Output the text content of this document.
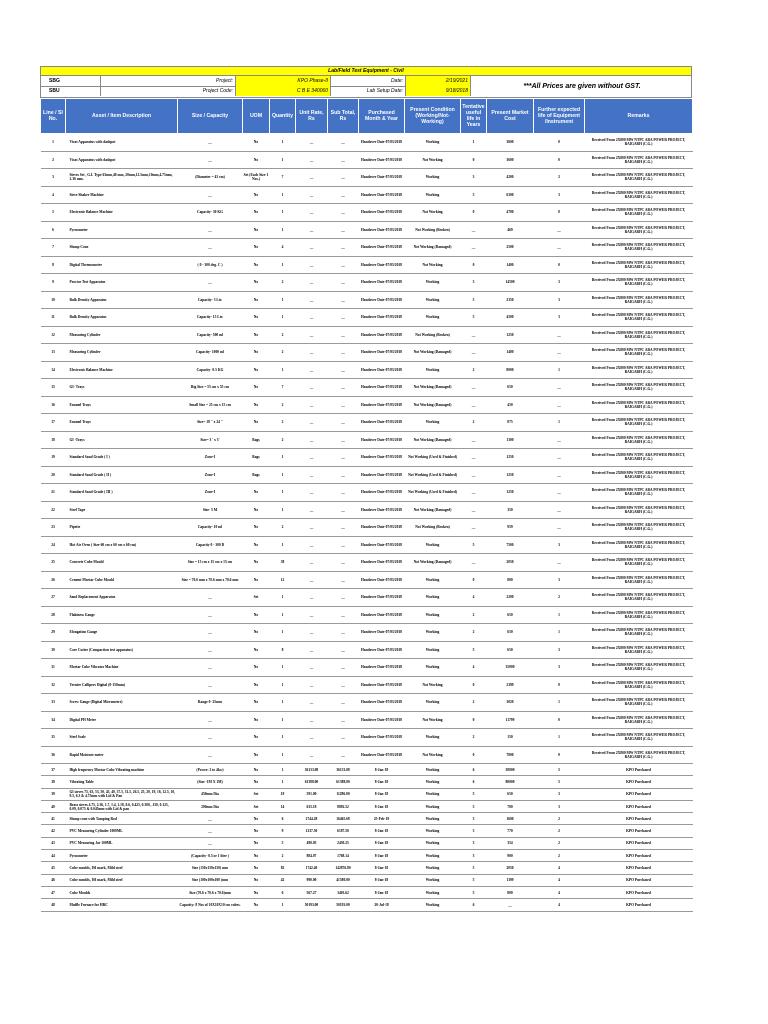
Lab/Field Test Equipment - Civil
SBG	Project:	KPO Phase-II	Date:	2/19/2021
SBU	Project Code:	C B E 340060	Lab Setup Date:	9/18/2018
***All Prices are given without GST.
Line / Sl No.	Asset / Item Description	Size / Capacity	UOM	Quantity	Unit Rate, Rs	Sub Total, Rs	Purchased Month & Year	Present Condition (Working/Not-Working)	Tentative useful life in Years	Present Market Cost	Further expected life of Equipment /Instrument	Remarks
1	Vicat Apparatus with dashpot	__	No	1	__	__	Handover Date-07/05/2018	Working	1	3600	0	Received From 2X800 MW NTPC ARA POWER PROJECT, RAIGARH (C.G.)
2	Vicat Apparatus with dashpot	__	No	1	__	__	Handover Date-07/05/2018	Not Working	0	3600	0	Received From 2X800 MW NTPC ARA POWER PROJECT, RAIGARH (C.G.)
3	Sieves Set , G.I. Type 63mm,40 mm, 20mm,12.5mm,10mm,4.75mm, 2.36 mm.	(Diameter = 45 cm)	Set (Each Size-1 Nos.)	7	__	__	Handover Date-07/05/2018	Working	3	4200	2	Received From 2X800 MW NTPC ARA POWER PROJECT, RAIGARH (C.G.)
4	Sieve Shaker Machine	__	No	1	__	__	Handover Date-07/05/2018	Working	5	6300	3	Received From 2X800 MW NTPC ARA POWER PROJECT, RAIGARH (C.G.)
5	Electronic Balance Machine	Capacity- 30 KG	No	1	__	__	Handover Date-07/05/2018	Not Working	0	4700	0	Received From 2X800 MW NTPC ARA POWER PROJECT, RAIGARH (C.G.)
6	Pycnometer	__	No	1	__	__	Handover Date-07/05/2018	Not Working (Broken)	__	469	__	Received From 2X800 MW NTPC ARA POWER PROJECT, RAIGARH (C.G.)
7	Slump Cone	__	No	4	__	__	Handover Date-07/05/2018	Not Working (Damaged)	__	2500	__	Received From 2X800 MW NTPC ARA POWER PROJECT, RAIGARH (C.G.)
8	Digital Thermometer	( 0 - 300 deg. C )	No	1	__	__	Handover Date-07/05/2018	Not Working	0	1400	0	Received From 2X800 MW NTPC ARA POWER PROJECT, RAIGARH (C.G.)
9	Proctor Test Apparatus	__	No	2	__	__	Handover Date-07/05/2018	Working	3	14500	3	Received From 2X800 MW NTPC ARA POWER PROJECT, RAIGARH (C.G.)
10	Bulk Density Apparatus	Capacity- 3 Ltr.	No	1	__	__	Handover Date-07/05/2018	Working	5	2350	3	Received From 2X800 MW NTPC ARA POWER PROJECT, RAIGARH (C.G.)
11	Bulk Density Apparatus	Capacity- 15 Ltr.	No	1	__	__	Handover Date-07/05/2018	Working	5	4500	3	Received From 2X800 MW NTPC ARA POWER PROJECT, RAIGARH (C.G.)
12	Measuring Cylinder	Capacity- 500 ml	No	2	__	__	Handover Date-07/05/2018	Not Working (Broken)	__	1250	__	Received From 2X800 MW NTPC ARA POWER PROJECT, RAIGARH (C.G.)
13	Measuring Cylinder	Capacity- 1000 ml	No	2	__	__	Handover Date-07/05/2018	Not Working (Damaged)	__	1400	__	Received From 2X800 MW NTPC ARA POWER PROJECT, RAIGARH (C.G.)
14	Electronic Balance Machine	Capacity- 0.5 KG	No	1	__	__	Handover Date-07/05/2018	Working	2	8000	1	Received From 2X800 MW NTPC ARA POWER PROJECT, RAIGARH (C.G.)
15	GI- Trays	Big Size = 55 cm x 55 cm	No	7	__	__	Handover Date-07/05/2018	Not Working (Damaged)	__	650	__	Received From 2X800 MW NTPC ARA POWER PROJECT, RAIGARH (C.G.)
16	Enamel Trays	Small Size = 25 cm x 15 cm	No	2	__	__	Handover Date-07/05/2018	Not Working (Damaged)	__	450	__	Received From 2X800 MW NTPC ARA POWER PROJECT, RAIGARH (C.G.)
17	Enamel Trays	Size= 18 " x 24 "	No	2	__	__	Handover Date-07/05/2018	Working	2	875	1	Received From 2X800 MW NTPC ARA POWER PROJECT, RAIGARH (C.G.)
18	GI -Trays	Size= 3 ' x 3'	Bags	2	__	__	Handover Date-07/05/2018	Not Working (Damaged)	__	1300	__	Received From 2X800 MW NTPC ARA POWER PROJECT, RAIGARH (C.G.)
19	Standard Sand Grade ( I )	Zone-I	Bags	1	__	__	Handover Date-07/05/2018	Not Working (Used & Finished)	__	1250	__	Received From 2X800 MW NTPC ARA POWER PROJECT, RAIGARH (C.G.)
20	Standard Sand Grade ( II )	Zone-I	Bags	1	__	__	Handover Date-07/05/2018	Not Working (Used & Finished)	__	1250	__	Received From 2X800 MW NTPC ARA POWER PROJECT, RAIGARH (C.G.)
21	Standard Sand Grade ( III )	Zone-I	No	1	__	__	Handover Date-07/05/2018	Not Working (Used & Finished)	__	1250	__	Received From 2X800 MW NTPC ARA POWER PROJECT, RAIGARH (C.G.)
22	Steel Tape	Size- 5 M	No	1	__	__	Handover Date-07/05/2018	Not Working (Damaged)	__	350	__	Received From 2X800 MW NTPC ARA POWER PROJECT, RAIGARH (C.G.)
23	Pipette	Capacity- 10 ml	No	2	__	__	Handover Date-07/05/2018	Not Working (Broken)	__	959	__	Received From 2X800 MW NTPC ARA POWER PROJECT, RAIGARH (C.G.)
24	Hot Air Oven ( Size-60 cm x 60 cm x 60 cm)	Capacity 0 - 300 D	No	1	__	__	Handover Date-07/05/2018	Working	5	7500	3	Received From 2X800 MW NTPC ARA POWER PROJECT, RAIGARH (C.G.)
25	Concrete Cube Mould	Size = 15 cm x 15 cm x 15 cm	No	38	__	__	Handover Date-07/05/2018	Not Working (Damaged)	__	2050	__	Received From 2X800 MW NTPC ARA POWER PROJECT, RAIGARH (C.G.)
26	Cement Mortar Cube Mould	Size = 70.6 mm x 70.6 mm x 70.6 mm	No	12	__	__	Handover Date-07/05/2018	Working	0	800	3	Received From 2X800 MW NTPC ARA POWER PROJECT, RAIGARH (C.G.)
27	Sand Replacement Apparatus	__	Set	1	__	__	Handover Date-07/05/2018	Working	4	2200	2	Received From 2X800 MW NTPC ARA POWER PROJECT, RAIGARH (C.G.)
28	Flakiness Gauge	__	No	1	__	__	Handover Date-07/05/2018	Working	2	650	1	Received From 2X800 MW NTPC ARA POWER PROJECT, RAIGARH (C.G.)
29	Elongation Gauge	__	No	1	__	__	Handover Date-07/05/2018	Working	2	650	1	Received From 2X800 MW NTPC ARA POWER PROJECT, RAIGARH (C.G.)
30	Core Cutter (Compaction test apparatus)	__	No	8	__	__	Handover Date-07/05/2018	Working	5	650	3	Received From 2X800 MW NTPC ARA POWER PROJECT, RAIGARH (C.G.)
31	Mortar Cube Vibrator Machine	__	No	1	__	__	Handover Date-07/05/2018	Working	4	35000	3	Received From 2X800 MW NTPC ARA POWER PROJECT, RAIGARH (C.G.)
32	Vernier Callipers Digital (0-150mm)	__	No	1	__	__	Handover Date-07/05/2018	Not Working	0	2399	0	Received From 2X800 MW NTPC ARA POWER PROJECT, RAIGARH (C.G.)
33	Screw Gauge (Digital Micrometre)	Range 0- 25mm	No	1	__	__	Handover Date-07/05/2018	Working	2	3020	1	Received From 2X800 MW NTPC ARA POWER PROJECT, RAIGARH (C.G.)
34	Digital PH Meter	__	No	1	__	__	Handover Date-07/05/2018	Not Working	0	11799	0	Received From 2X800 MW NTPC ARA POWER PROJECT, RAIGARH (C.G.)
35	Steel Scale	__	No	1	__	__	Handover Date-07/05/2018	Working	2	150	1	Received From 2X800 MW NTPC ARA POWER PROJECT, RAIGARH (C.G.)
36	Rapid Moisture meter	__	No	1	__	__	Handover Date-07/05/2018	Not Working	0	7000	0	Received From 2X800 MW NTPC ARA POWER PROJECT, RAIGARH (C.G.)
37	High frequency Mortar Cube Vibrating machine	(Power: 2 to 4kw)	No	1	36133.08	36133.08	8-Jan-18	Working	6	38000	5	KPO Purchased
38	Vibrating Table	(Size -1M X 1M)	No	1	61388.00	61388.00	8-Jan-18	Working	6	80000	5	KPO Purchased
39	GI sieves 75, 63, 53, 50, 45, 40, 37.5, 31.5, 26.5, 25, 20, 19, 16, 12.5, 10, 9.5, 6.3 & 4.75mm with Lid & Pan	450mm Dia	Set	19	591.00	11286.00	8-Jan-18	Working	5	650	3	KPO Purchased
40	Brass sieves 4.75, 2.36, 1.7, 1.4, 1.18, 0.6, 0.425, 0.300, .150, 0.125, 0.09, 0.075 & 0.045mm with Lid & pan	200mm Dia	Set	14	635.18	8892.52	8-Jan-18	Working	5	700	3	KPO Purchased
41	Slump cone with Tamping Rod	__	No	6	2744.28	16465.68	25-Feb-19	Working	3	1600	2	KPO Purchased
42	PVC Measuring Cylinder 1000ML	__	No	9	1237.50	6187.50	8-Jan-18	Working	3	770	2	KPO Purchased
43	PVC Measuring Jar 100ML	__	No	5	490.05	2450.25	8-Jan-18	Working	3	354	2	KPO Purchased
44	Pycnometer	(Capacity- 0.5 or 1 litre )	No	2	884.07	1768.14	8-Jan-18	Working	3	900	2	KPO Purchased
45	Cube moulds, ISI mark, Mild steel	Size (150x150x150) mm	No	82	1742.40	142876.80	8-Jan-18	Working	5	2050	4	KPO Purchased
46	Cube moulds, ISI mark, Mild steel	Size (100x100x100 )mm	No	42	990.00	41580.00	8-Jan-18	Working	5	1399	4	KPO Purchased
47	Cube Moulds	Size (70.6 x 70.6 x 70.6)mm	No	6	567.27	3403.62	8-Jan-18	Working	5	800	4	KPO Purchased
48	Muffle Furnace for HRC	Capacity: 8 Nos of 10X10X10 cm cubes.	No	1	50193.00	50193.00	20-Jul-18	Working	6	__	4	KPO Purchased
